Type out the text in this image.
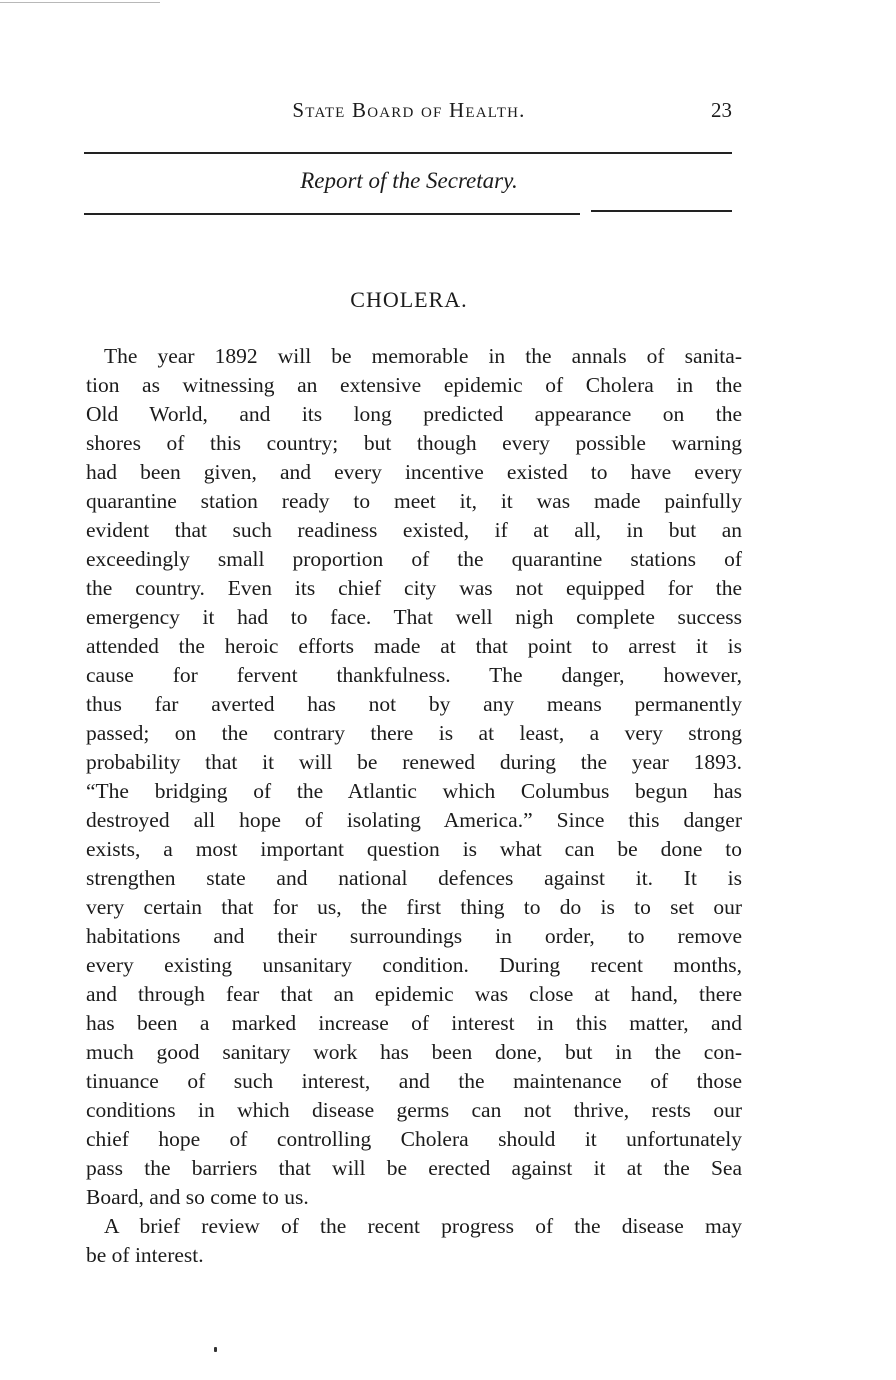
State Board of Health.	23
Report of the Secretary.
CHOLERA.
The year 1892 will be memorable in the annals of sanita-
tion as witnessing an extensive epidemic of Cholera in the
Old World, and its long predicted appearance on the
shores of this country; but though every possible warning
had been given, and every incentive existed to have every
quarantine station ready to meet it, it was made painfully
evident that such readiness existed, if at all, in but an
exceedingly small proportion of the quarantine stations of
the country. Even its chief city was not equipped for the
emergency it had to face. That well nigh complete success
attended the heroic efforts made at that point to arrest it is
cause for fervent thankfulness. The danger, however,
thus far averted has not by any means permanently
passed; on the contrary there is at least, a very strong
probability that it will be renewed during the year 1893.
“The bridging of the Atlantic which Columbus begun has
destroyed all hope of isolating America.” Since this danger
exists, a most important question is what can be done to
strengthen state and national defences against it. It is
very certain that for us, the first thing to do is to set our
habitations and their surroundings in order, to remove
every existing unsanitary condition. During recent months,
and through fear that an epidemic was close at hand, there
has been a marked increase of interest in this matter, and
much good sanitary work has been done, but in the con-
tinuance of such interest, and the maintenance of those
conditions in which disease germs can not thrive, rests our
chief hope of controlling Cholera should it unfortunately
pass the barriers that will be erected against it at the Sea
Board, and so come to us.
A brief review of the recent progress of the disease may
be of interest.
